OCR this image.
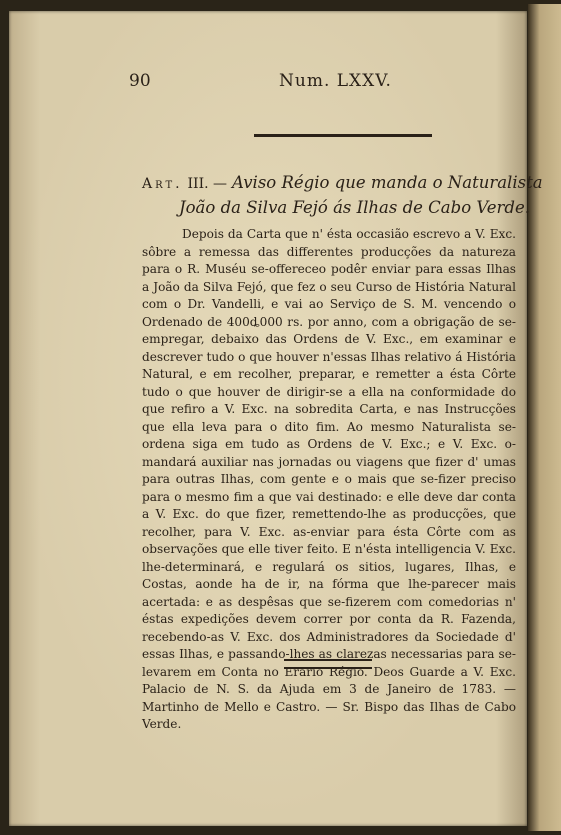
90	Num. LXXV.
Art. III. — Aviso Régio que manda o Naturalista
João da Silva Fejó ás Ilhas de Cabo Verde.

Depois da Carta que n' ésta occasião escrevo a V. Exc. sôbre a remessa das differentes producções da natureza para o R. Muséu se-offereceo podêr enviar para essas Ilhas a João da Silva Fejó, que fez o seu Curso de História Natural com o Dr. Vandelli, e vai ao Serviço de S. M. vencendo o Ordenado de 400ȡ000 rs. por anno, com a obrigação de se-empregar, debaixo das Ordens de V. Exc., em examinar e descrever tudo o que houver n'essas Ilhas relativo á História Natural, e em recolher, preparar, e remetter a ésta Côrte tudo o que houver de dirigir-se a ella na conformidade do que refiro a V. Exc. na sobredita Carta, e nas Instrucções que ella leva para o dito fim. Ao mesmo Naturalista se-ordena siga em tudo as Ordens de V. Exc.; e V. Exc. o-mandará auxiliar nas jornadas ou viagens que fizer d' umas para outras Ilhas, com gente e o mais que se-fizer preciso para o mesmo fim a que vai destinado: e elle deve dar conta a V. Exc. do que fizer, remettendo-lhe as producções, que recolher, para V. Exc. as-enviar para ésta Côrte com as observações que elle tiver feito. E n'ésta intelligencia V. Exc. lhe-determinará, e regulará os sitios, lugares, Ilhas, e Costas, aonde ha de ir, na fórma que lhe-parecer mais acertada: e as despêsas que se-fizerem com comedorias n' éstas expedições devem correr por conta da R. Fazenda, recebendo-as V. Exc. dos Administradores da Sociedade d' essas Ilhas, e passando-lhes as clarezas necessarias para se-levarem em Conta no Erario Régio. Deos Guarde a V. Exc. Palacio de N. S. da Ajuda em 3 de Janeiro de 1783. — Martinho de Mello e Castro. — Sr. Bispo das Ilhas de Cabo Verde.
